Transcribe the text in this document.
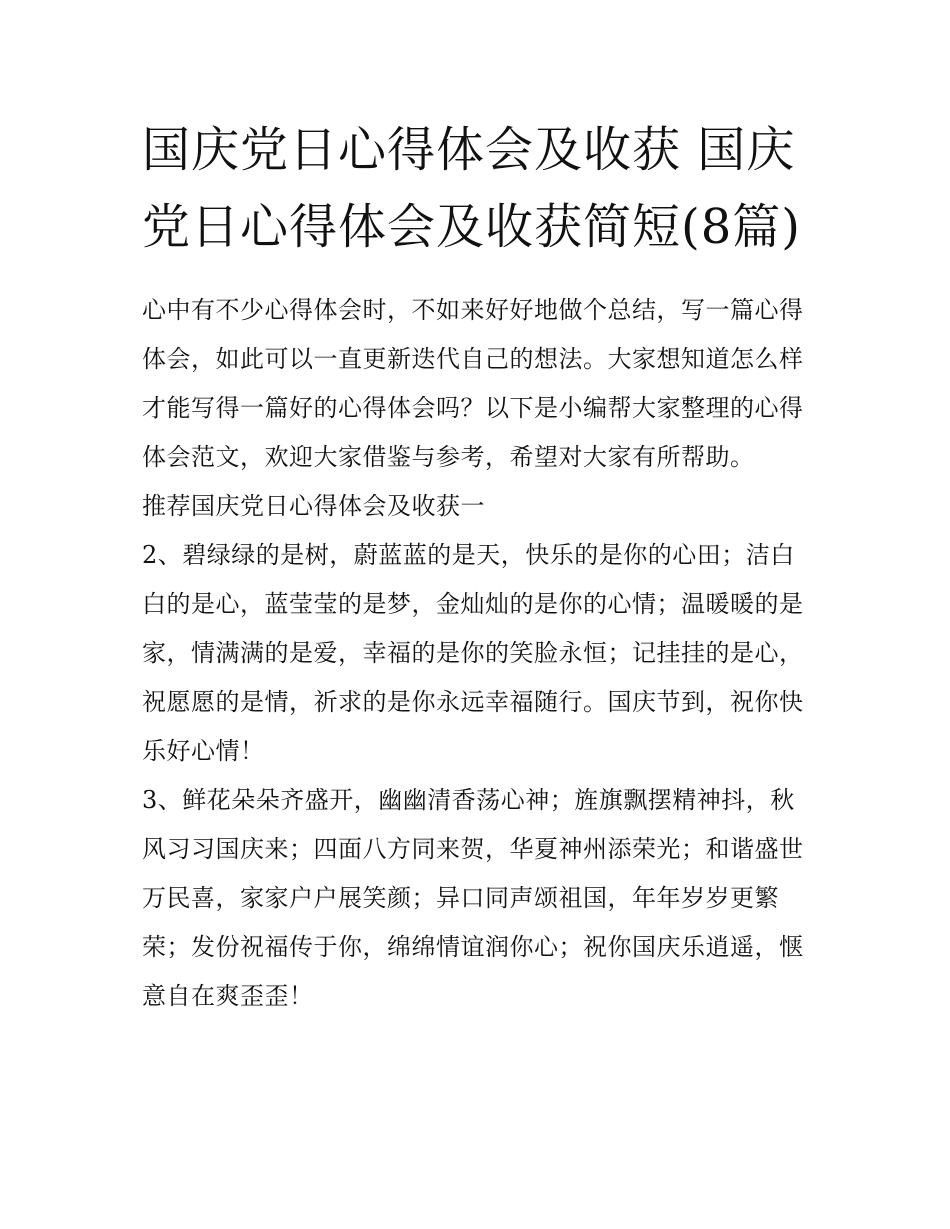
国庆党日心得体会及收获 国庆党日心得体会及收获简短(8篇)

心中有不少心得体会时，不如来好好地做个总结，写一篇心得体会，如此可以一直更新迭代自己的想法。大家想知道怎么样才能写得一篇好的心得体会吗？以下是小编帮大家整理的心得体会范文，欢迎大家借鉴与参考，希望对大家有所帮助。

推荐国庆党日心得体会及收获一

2、碧绿绿的是树，蔚蓝蓝的是天，快乐的是你的心田；洁白白的是心，蓝莹莹的是梦，金灿灿的是你的心情；温暖暖的是家，情满满的是爱，幸福的是你的笑脸永恒；记挂挂的是心，祝愿愿的是情，祈求的是你永远幸福随行。国庆节到，祝你快乐好心情！

3、鲜花朵朵齐盛开，幽幽清香荡心神；旌旗飘摆精神抖，秋风习习国庆来；四面八方同来贺，华夏神州添荣光；和谐盛世万民喜，家家户户展笑颜；异口同声颂祖国，年年岁岁更繁荣；发份祝福传于你，绵绵情谊润你心；祝你国庆乐逍遥，惬意自在爽歪歪！
